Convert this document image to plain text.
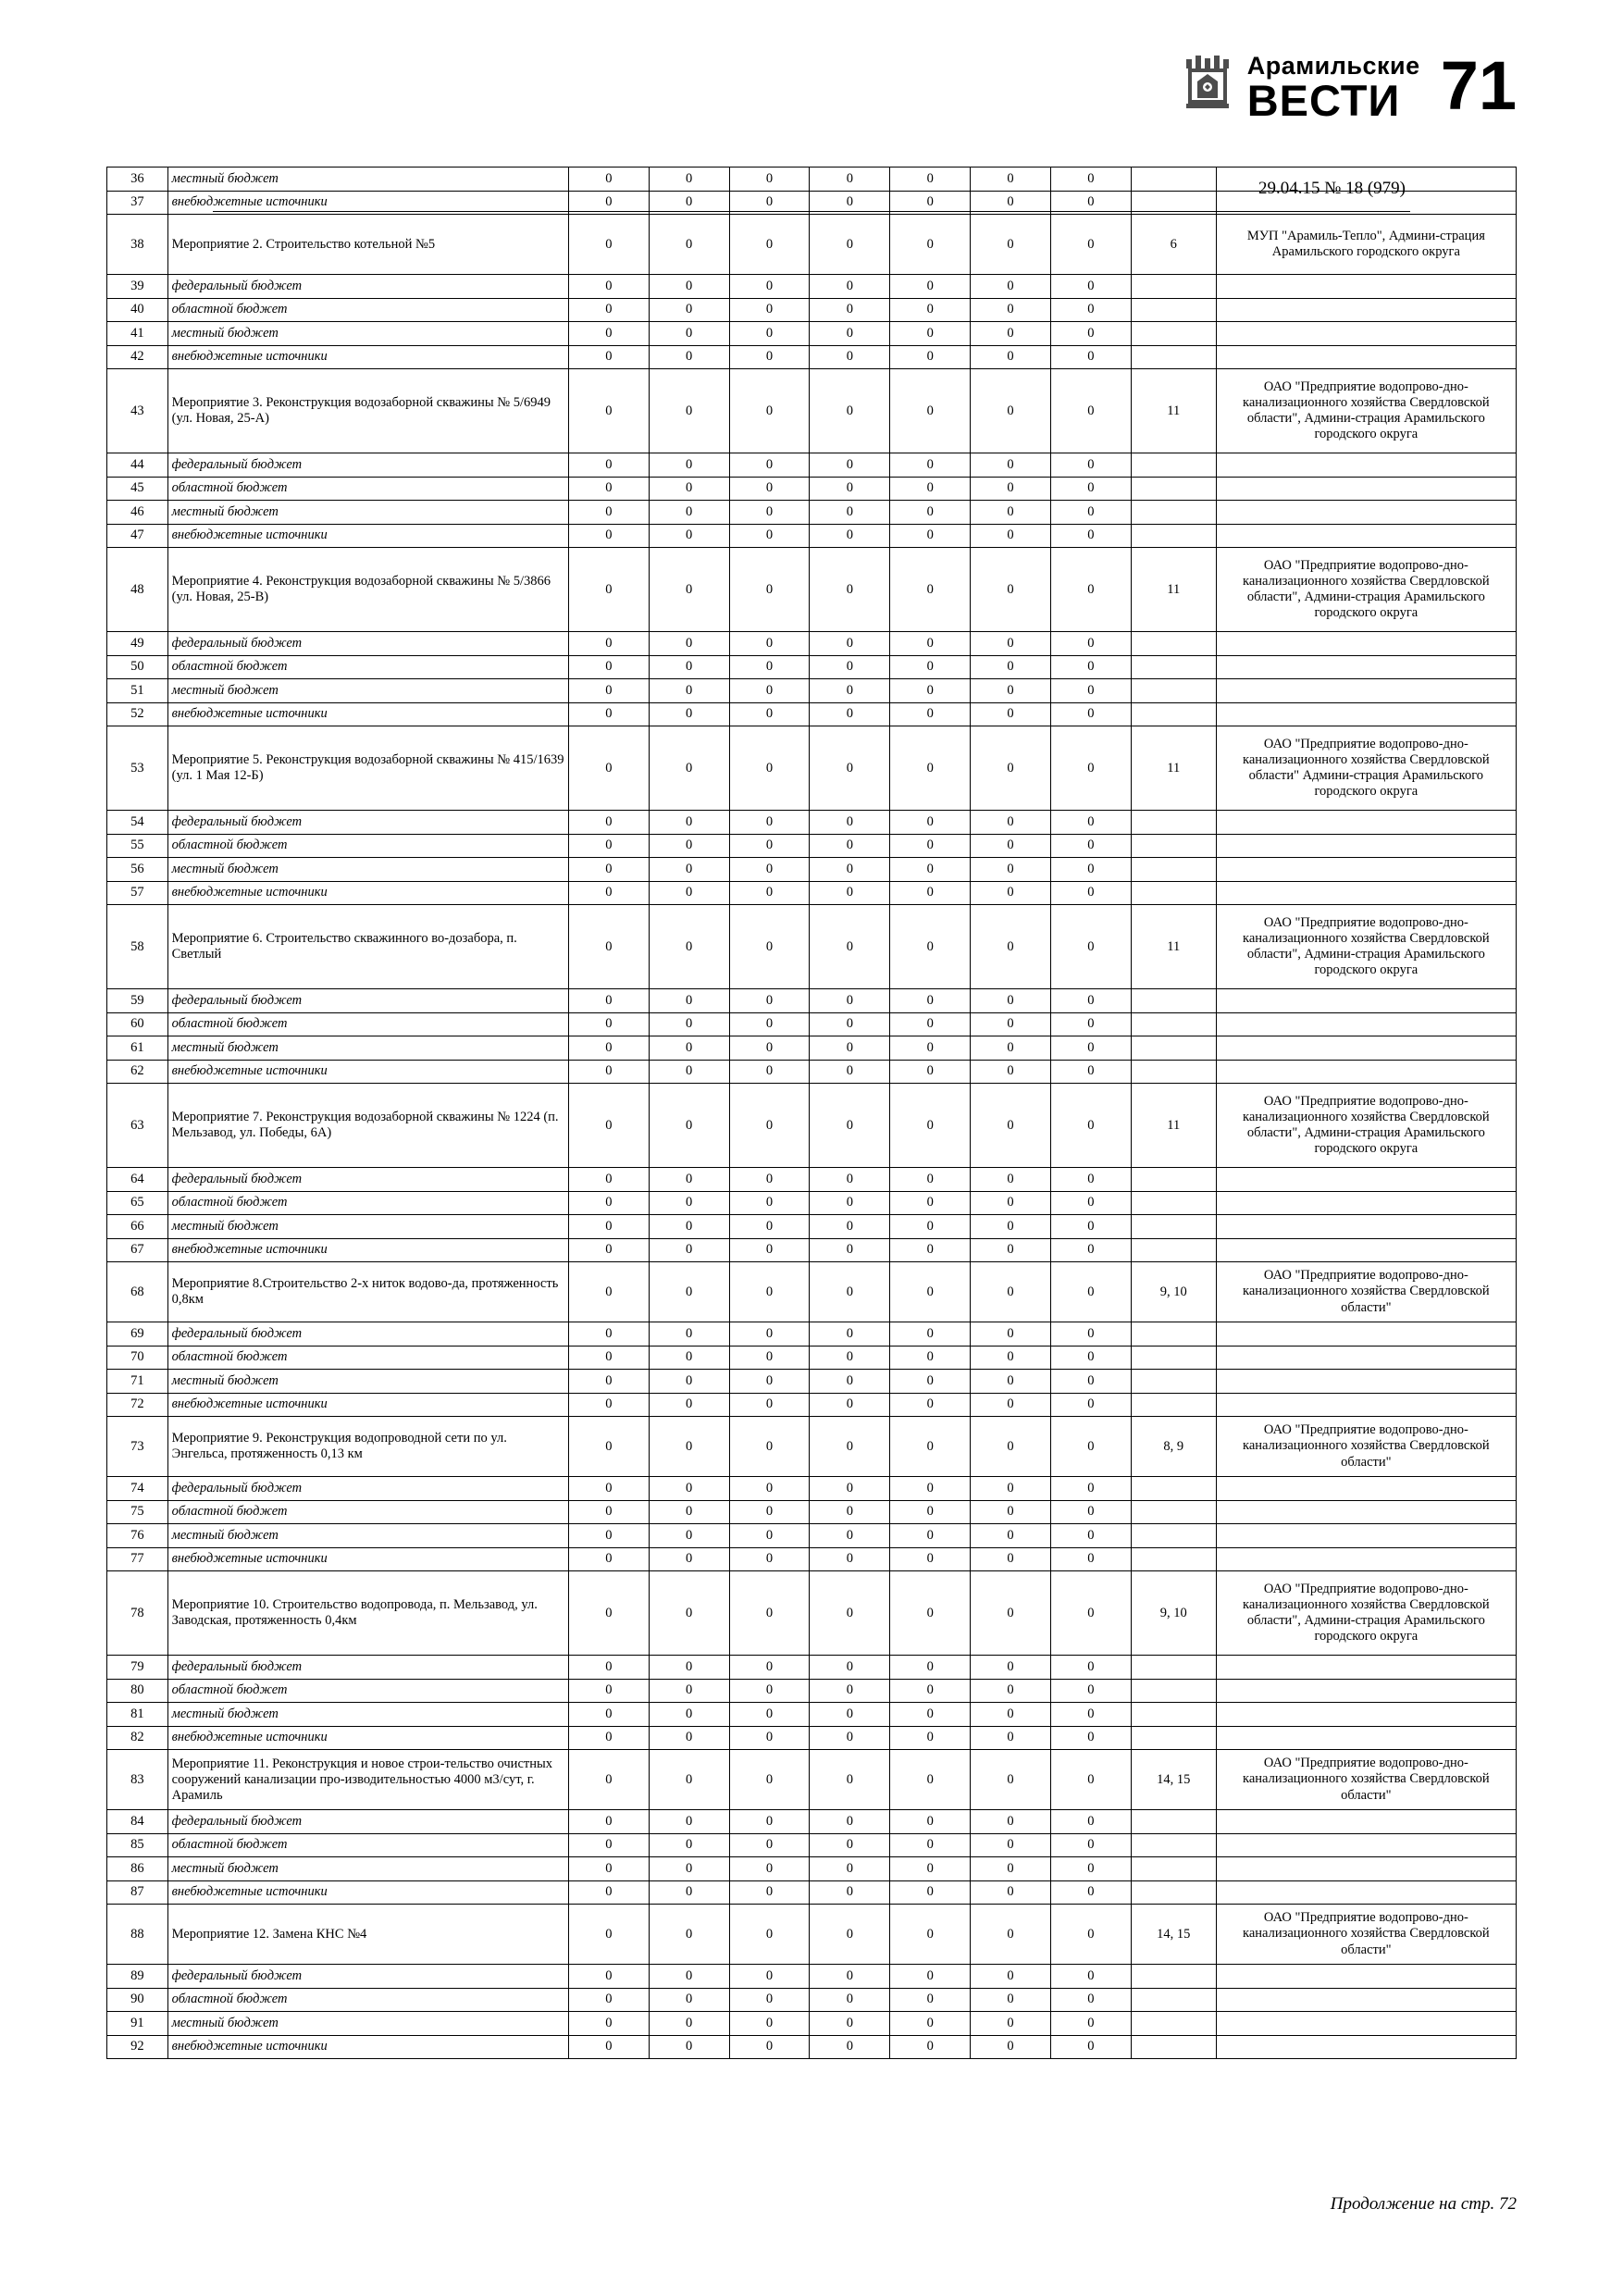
Арамильские
ВЕСТИ 71
29.04.15 № 18 (979)
36	местный бюджет	0	0	0	0	0	0	0		
37	внебюджетные источники	0	0	0	0	0	0	0		
38	Мероприятие 2. Строительство котельной №5	0	0	0	0	0	0	0	6	МУП "Арамиль-Тепло", Админи-страция Арамильского городского округа
39	федеральный бюджет	0	0	0	0	0	0	0		
40	областной бюджет	0	0	0	0	0	0	0		
41	местный бюджет	0	0	0	0	0	0	0		
42	внебюджетные источники	0	0	0	0	0	0	0		
43	Мероприятие 3. Реконструкция водозаборной скважины № 5/6949 (ул. Новая, 25-А)	0	0	0	0	0	0	0	11	ОАО "Предприятие водопрово-дно-канализационного хозяйства Свердловской области", Админи-страция Арамильского городского округа
44	федеральный бюджет	0	0	0	0	0	0	0		
45	областной бюджет	0	0	0	0	0	0	0		
46	местный бюджет	0	0	0	0	0	0	0		
47	внебюджетные источники	0	0	0	0	0	0	0		
48	Мероприятие 4. Реконструкция водозаборной скважины № 5/3866 (ул. Новая, 25-В)	0	0	0	0	0	0	0	11	ОАО "Предприятие водопрово-дно-канализационного хозяйства Свердловской области", Админи-страция Арамильского городского округа
49	федеральный бюджет	0	0	0	0	0	0	0		
50	областной бюджет	0	0	0	0	0	0	0		
51	местный бюджет	0	0	0	0	0	0	0		
52	внебюджетные источники	0	0	0	0	0	0	0		
53	Мероприятие 5. Реконструкция водозаборной скважины № 415/1639 (ул. 1 Мая 12-Б)	0	0	0	0	0	0	0	11	ОАО "Предприятие водопрово-дно-канализационного хозяйства Свердловской области" Админи-страция Арамильского городского округа
54	федеральный бюджет	0	0	0	0	0	0	0		
55	областной бюджет	0	0	0	0	0	0	0		
56	местный бюджет	0	0	0	0	0	0	0		
57	внебюджетные источники	0	0	0	0	0	0	0		
58	Мероприятие 6. Строительство скважинного во-дозабора, п. Светлый	0	0	0	0	0	0	0	11	ОАО "Предприятие водопрово-дно-канализационного хозяйства Свердловской области", Админи-страция Арамильского городского округа
59	федеральный бюджет	0	0	0	0	0	0	0		
60	областной бюджет	0	0	0	0	0	0	0		
61	местный бюджет	0	0	0	0	0	0	0		
62	внебюджетные источники	0	0	0	0	0	0	0		
63	Мероприятие 7. Реконструкция водозаборной скважины № 1224 (п. Мельзавод, ул. Победы, 6А)	0	0	0	0	0	0	0	11	ОАО "Предприятие водопрово-дно-канализационного хозяйства Свердловской области", Админи-страция Арамильского городского округа
64	федеральный бюджет	0	0	0	0	0	0	0		
65	областной бюджет	0	0	0	0	0	0	0		
66	местный бюджет	0	0	0	0	0	0	0		
67	внебюджетные источники	0	0	0	0	0	0	0		
68	Мероприятие 8.Строительство 2-х ниток водово-да, протяженность 0,8км	0	0	0	0	0	0	0	9, 10	ОАО "Предприятие водопрово-дно-канализационного хозяйства Свердловской области"
69	федеральный бюджет	0	0	0	0	0	0	0		
70	областной бюджет	0	0	0	0	0	0	0		
71	местный бюджет	0	0	0	0	0	0	0		
72	внебюджетные источники	0	0	0	0	0	0	0		
73	Мероприятие 9. Реконструкция водопроводной сети по ул. Энгельса, протяженность 0,13 км	0	0	0	0	0	0	0	8, 9	ОАО "Предприятие водопрово-дно-канализационного хозяйства Свердловской области"
74	федеральный бюджет	0	0	0	0	0	0	0		
75	областной бюджет	0	0	0	0	0	0	0		
76	местный бюджет	0	0	0	0	0	0	0		
77	внебюджетные источники	0	0	0	0	0	0	0		
78	Мероприятие 10. Строительство водопровода, п. Мельзавод, ул. Заводская, протяженность 0,4км	0	0	0	0	0	0	0	9, 10	ОАО "Предприятие водопрово-дно-канализационного хозяйства Свердловской области", Админи-страция Арамильского городского округа
79	федеральный бюджет	0	0	0	0	0	0	0		
80	областной бюджет	0	0	0	0	0	0	0		
81	местный бюджет	0	0	0	0	0	0	0		
82	внебюджетные источники	0	0	0	0	0	0	0		
83	Мероприятие 11. Реконструкция и новое строи-тельство очистных сооружений канализации про-изводительностью 4000 м3/сут, г. Арамиль	0	0	0	0	0	0	0	14, 15	ОАО "Предприятие водопрово-дно-канализационного хозяйства Свердловской области"
84	федеральный бюджет	0	0	0	0	0	0	0		
85	областной бюджет	0	0	0	0	0	0	0		
86	местный бюджет	0	0	0	0	0	0	0		
87	внебюджетные источники	0	0	0	0	0	0	0		
88	Мероприятие 12. Замена КНС №4	0	0	0	0	0	0	0	14, 15	ОАО "Предприятие водопрово-дно-канализационного хозяйства Свердловской области"
89	федеральный бюджет	0	0	0	0	0	0	0		
90	областной бюджет	0	0	0	0	0	0	0		
91	местный бюджет	0	0	0	0	0	0	0		
92	внебюджетные источники	0	0	0	0	0	0	0		
Продолжение на стр. 72
